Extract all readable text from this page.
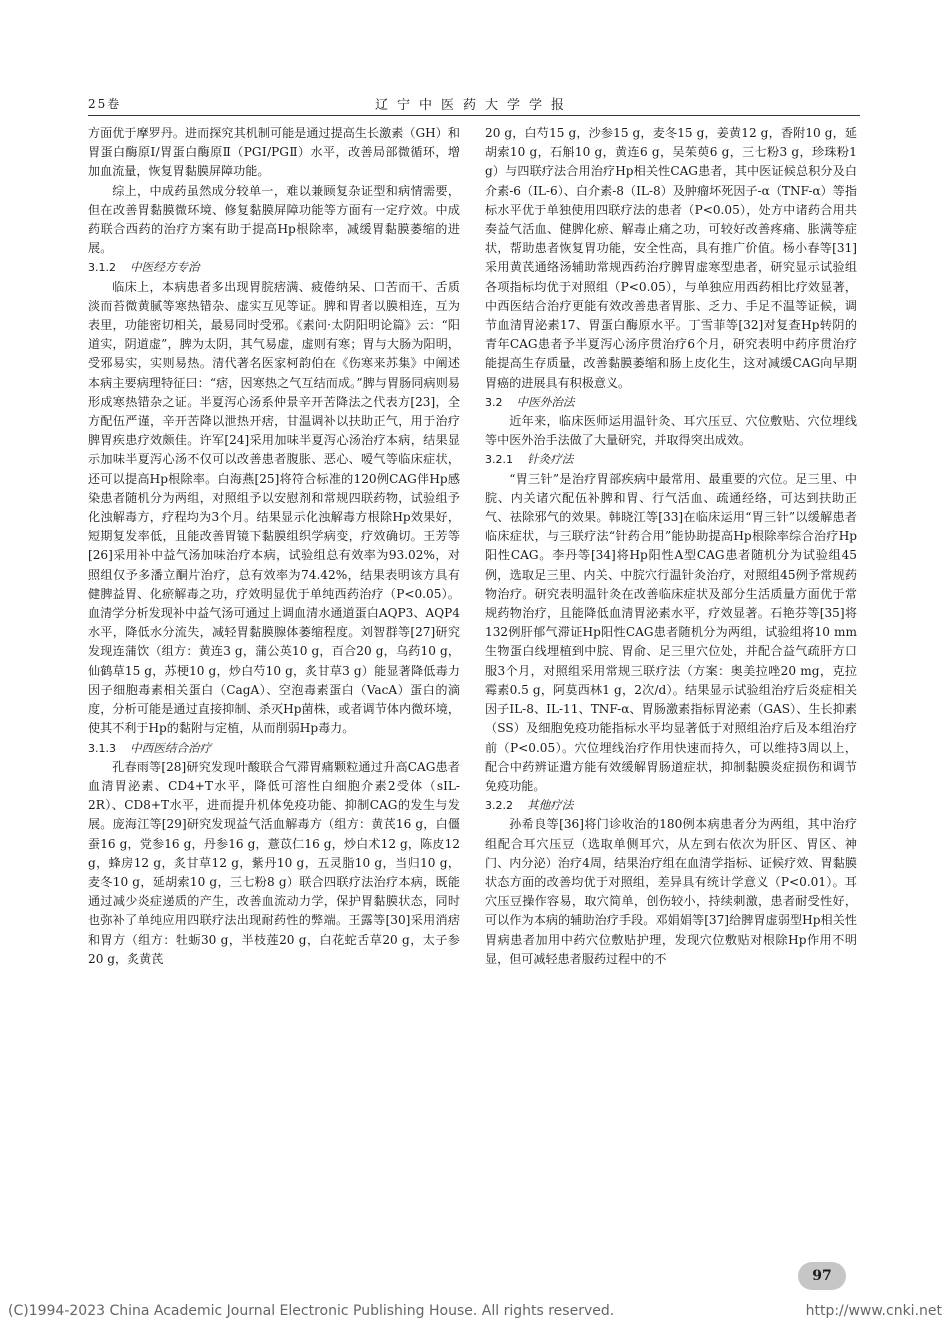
25卷	辽宁中医药大学学报

方面优于摩罗丹。进而探究其机制可能是通过提高生长激素（GH）和胃蛋白酶原Ⅰ/胃蛋白酶原Ⅱ（PGⅠ/PGⅡ）水平，改善局部微循环，增加血流量，恢复胃黏膜屏障功能。

综上，中成药虽然成分较单一，难以兼顾复杂证型和病情需要，但在改善胃黏膜微环境、修复黏膜屏障功能等方面有一定疗效。中成药联合西药的治疗方案有助于提高Hp根除率，减缓胃黏膜萎缩的进展。

3.1.2 中医经方专治

临床上，本病患者多出现胃脘痞满、疲倦纳呆、口苦而干、舌质淡而苔微黄腻等寒热错杂、虚实互见等证。脾和胃者以膜相连，互为表里，功能密切相关，最易同时受邪。《素问·太阴阳明论篇》云：“阳道实，阴道虚”，脾为太阴，其气易虚，虚则有寒；胃与大肠为阳明，受邪易实，实则易热。清代著名医家柯韵伯在《伤寒来苏集》中阐述本病主要病理特征曰：“痞，因寒热之气互结而成。”脾与胃肠同病则易形成寒热错杂之证。半夏泻心汤系仲景辛开苦降法之代表方[23]，全方配伍严谨，辛开苦降以泄热开痞，甘温调补以扶助正气，用于治疗脾胃疾患疗效颇佳。许军[24]采用加味半夏泻心汤治疗本病，结果显示加味半夏泻心汤不仅可以改善患者腹胀、恶心、嗳气等临床症状，还可以提高Hp根除率。白海燕[25]将符合标准的120例CAG伴Hp感染患者随机分为两组，对照组予以安慰剂和常规四联药物，试验组予化浊解毒方，疗程均为3个月。结果显示化浊解毒方根除Hp效果好，短期复发率低，且能改善胃镜下黏膜组织学病变，疗效确切。王芳等[26]采用补中益气汤加味治疗本病，试验组总有效率为93.02%，对照组仅予多潘立酮片治疗，总有效率为74.42%，结果表明该方具有健脾益胃、化瘀解毒之功，疗效明显优于单纯西药治疗（P<0.05）。血清学分析发现补中益气汤可通过上调血清水通道蛋白AQP3、AQP4水平，降低水分流失，减轻胃黏膜腺体萎缩程度。刘智群等[27]研究发现连蒲饮（组方：黄连3 g，蒲公英10 g，百合20 g，乌药10 g，仙鹤草15 g，苏梗10 g，炒白芍10 g，炙甘草3 g）能显著降低毒力因子细胞毒素相关蛋白（CagA）、空泡毒素蛋白（VacA）蛋白的滴度，分析可能是通过直接抑制、杀灭Hp菌株，或者调节体内微环境，使其不利于Hp的黏附与定植，从而削弱Hp毒力。

3.1.3 中西医结合治疗

孔春雨等[28]研究发现叶酸联合气滞胃痛颗粒通过升高CAG患者血清胃泌素、CD4+T水平，降低可溶性白细胞介素2受体（sIL-2R）、CD8+T水平，进而提升机体免疫功能、抑制CAG的发生与发展。庞海江等[29]研究发现益气活血解毒方（组方：黄芪16 g，白僵蚕16 g，党参16 g，丹参16 g，薏苡仁16 g，炒白术12 g，陈皮12 g，蜂房12 g，炙甘草12 g，紫丹10 g，五灵脂10 g，当归10 g，麦冬10 g，延胡索10 g，三七粉8 g）联合四联疗法治疗本病，既能通过减少炎症递质的产生，改善血流动力学，保护胃黏膜状态，同时也弥补了单纯应用四联疗法出现耐药性的弊端。王露等[30]采用消痞和胃方（组方：牡蛎30 g，半枝莲20 g，白花蛇舌草20 g，太子参20 g，炙黄芪

20 g，白芍15 g，沙参15 g，麦冬15 g，姜黄12 g，香附10 g，延胡索10 g，石斛10 g，黄连6 g，吴茱萸6 g，三七粉3 g，珍珠粉1 g）与四联疗法合用治疗Hp相关性CAG患者，其中医证候总积分及白介素-6（IL-6）、白介素-8（IL-8）及肿瘤坏死因子-α（TNF-α）等指标水平优于单独使用四联疗法的患者（P<0.05），处方中诸药合用共奏益气活血、健脾化瘀、解毒止痛之功，可较好改善疼痛、胀满等症状，帮助患者恢复胃功能，安全性高，具有推广价值。杨小春等[31]采用黄芪通络汤辅助常规西药治疗脾胃虚寒型患者，研究显示试验组各项指标均优于对照组（P<0.05），与单独应用西药相比疗效显著，中西医结合治疗更能有效改善患者胃胀、乏力、手足不温等证候，调节血清胃泌素17、胃蛋白酶原水平。丁雪菲等[32]对复查Hp转阴的青年CAG患者予半夏泻心汤序贯治疗6个月，研究表明中药序贯治疗能提高生存质量，改善黏膜萎缩和肠上皮化生，这对减缓CAG向早期胃癌的进展具有积极意义。

3.2 中医外治法

近年来，临床医师运用温针灸、耳穴压豆、穴位敷贴、穴位埋线等中医外治手法做了大量研究，并取得突出成效。

3.2.1 针灸疗法

“胃三针”是治疗胃部疾病中最常用、最重要的穴位。足三里、中脘、内关诸穴配伍补脾和胃、行气活血、疏通经络，可达到扶助正气、祛除邪气的效果。韩晓江等[33]在临床运用“胃三针”以缓解患者临床症状，与三联疗法“针药合用”能协助提高Hp根除率综合治疗Hp阳性CAG。李丹等[34]将Hp阳性A型CAG患者随机分为试验组45例，选取足三里、内关、中脘穴行温针灸治疗，对照组45例予常规药物治疗。研究表明温针灸在改善临床症状及部分生活质量方面优于常规药物治疗，且能降低血清胃泌素水平，疗效显著。石艳芬等[35]将132例肝郁气滞证Hp阳性CAG患者随机分为两组，试验组将10 mm生物蛋白线埋植到中脘、胃俞、足三里穴位处，并配合益气疏肝方口服3个月，对照组采用常规三联疗法（方案：奥美拉唑20 mg，克拉霉素0.5 g，阿莫西林1 g，2次/d）。结果显示试验组治疗后炎症相关因子IL-8、IL-11、TNF-α、胃肠激素指标胃泌素（GAS）、生长抑素（SS）及细胞免疫功能指标水平均显著低于对照组治疗后及本组治疗前（P<0.05）。穴位埋线治疗作用快速而持久，可以维持3周以上，配合中药辨证遣方能有效缓解胃肠道症状，抑制黏膜炎症损伤和调节免疫功能。

3.2.2 其他疗法

孙希良等[36]将门诊收治的180例本病患者分为两组，其中治疗组配合耳穴压豆（选取单侧耳穴，从左到右依次为肝区、胃区、神门、内分泌）治疗4周，结果治疗组在血清学指标、证候疗效、胃黏膜状态方面的改善均优于对照组，差异具有统计学意义（P<0.01）。耳穴压豆操作容易，取穴简单，创伤较小，持续刺激，患者耐受性好，可以作为本病的辅助治疗手段。邓娟娟等[37]给脾胃虚弱型Hp相关性胃病患者加用中药穴位敷贴护理，发现穴位敷贴对根除Hp作用不明显，但可减轻患者服药过程中的不

97
(C)1994-2023 China Academic Journal Electronic Publishing House. All rights reserved.	http://www.cnki.net
